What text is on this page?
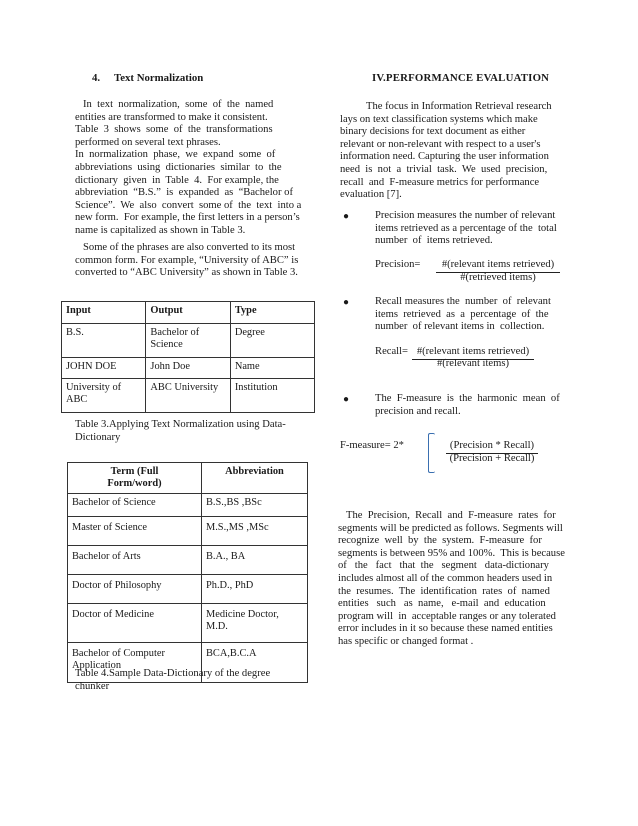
4. Text Normalization
In  text  normalization,  some  of  the  named
entities are transformed to make it consistent.
Table  3  shows  some  of  the  transformations
performed on several text phrases.
In  normalization  phase,  we  expand  some  of
abbreviations  using  dictionaries  similar  to  the
dictionary  given  in  Table  4.  For example, the
abbreviation  “B.S.”  is  expanded  as  “Bachelor of
Science”.  We  also  convert  some of  the  text  into a
new form.  For example, the first letters in a person’s
name is capitalized as shown in Table 3.
Some of the phrases are also converted to its most
common form. For example, “University of ABC” is
converted to “ABC University” as shown in Table 3.
Input	Output	Type
B.S.	Bachelor of Science	Degree
JOHN DOE	John Doe	Name
University of ABC	ABC University	Institution
Table 3.Applying Text Normalization using Data-
Dictionary
Term (Full Form/word)	Abbreviation
Bachelor of Science	B.S.,BS ,BSc
Master of Science	M.S.,MS ,MSc
Bachelor of Arts	B.A., BA
Doctor of Philosophy	Ph.D., PhD
Doctor of Medicine	Medicine Doctor, M.D.
Bachelor of Computer Application	BCA,B.C.A
Table 4.Sample Data-Dictionary of the degree
chunker
IV.PERFORMANCE EVALUATION
The focus in Information Retrieval research
lays on text classification systems which make
binary decisions for text document as either
relevant or non-relevant with respect to a user's
information need. Capturing the user information
need  is  not  a  trivial  task.  We  used  precision,
recall  and  F-measure metrics for performance
evaluation [7].
Precision measures the number of relevant
items retrieved as a percentage of the  total
number  of  items retrieved.
Recall measures the  number  of  relevant
items  retrieved  as  a  percentage  of  the
number  of relevant items in  collection.
The  F-measure  is  the  harmonic  mean  of
precision and recall.
●
●
●
Precision=	#(relevant items retrieved)
#(retrieved items)
Recall= #(relevant items retrieved)
#(relevant items)
F-measure= 2*	(Precision * Recall)
(Precision + Recall)
The  Precision,  Recall  and  F-measure  rates  for
segments will be predicted as follows. Segments will
recognize  well  by  the  system.  F-measure  for
segments is between 95% and 100%.  This is because
of   the   fact   that  the   segment   data-dictionary
includes almost all of the common headers used in
the  resumes.  The  identification  rates  of  named
entities   such   as  name,   e-mail  and  education
program will  in  acceptable ranges or any tolerated
error includes in it so because these named entities
has specific or changed format .
